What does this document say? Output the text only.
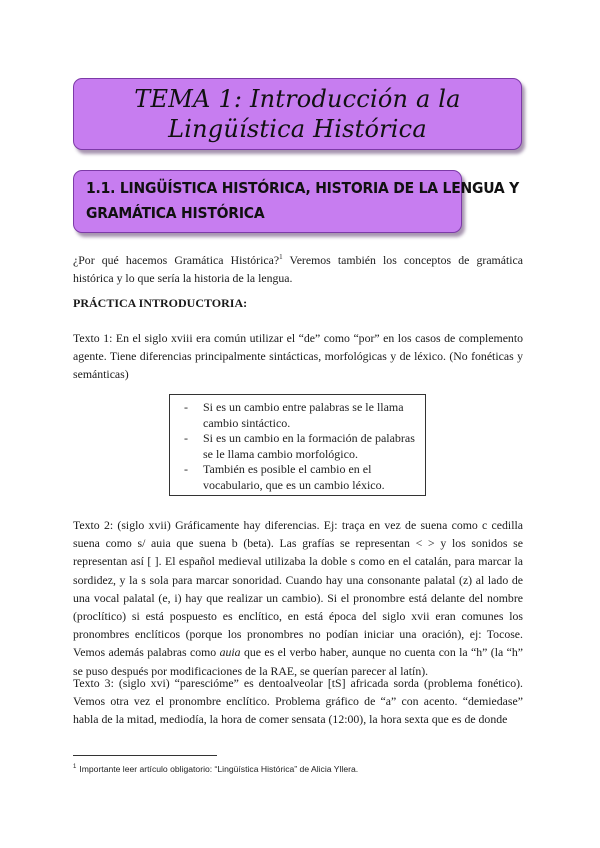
TEMA 1: Introducción a la
Lingüística Histórica
1.1. LINGÜÍSTICA HISTÓRICA, HISTORIA DE LA LENGUA Y
GRAMÁTICA HISTÓRICA

¿Por qué hacemos Gramática Histórica?$^1$ Veremos también los conceptos de gramática histórica y lo que sería la historia de la lengua.

PRÁCTICA INTRODUCTORIA:

Texto 1: En el siglo xviii era común utilizar el “de” como “por” en los casos de complemento agente. Tiene diferencias principalmente sintácticas, morfológicas y de léxico. (No fonéticas y semánticas)

- Si es un cambio entre palabras se le llama cambio sintáctico.
- Si es un cambio en la formación de palabras se le llama cambio morfológico.
- También es posible el cambio en el vocabulario, que es un cambio léxico.

Texto 2: (siglo xvii) Gráficamente hay diferencias. Ej: traça en vez de suena como c cedilla suena como s/ auia que suena b (beta). Las grafías se representan < > y los sonidos se representan así [ ]. El español medieval utilizaba la doble s como en el catalán, para marcar la sordidez, y la s sola para marcar sonoridad. Cuando hay una consonante palatal (z) al lado de una vocal palatal (e, i) hay que realizar un cambio). Si el pronombre está delante del nombre (proclítico) si está pospuesto es enclítico, en está época del siglo xvii eran comunes los pronombres enclíticos (porque los pronombres no podían iniciar una oración), ej: Tocose. Vemos además palabras como auia que es el verbo haber, aunque no cuenta con la “h” (la “h” se puso después por modificaciones de la RAE, se querían parecer al latín).

Texto 3: (siglo xvi) “parescióme” es dentoalveolar [tS] africada sorda (problema fonético). Vemos otra vez el pronombre enclítico. Problema gráfico de “a” con acento. “demiedase” habla de la mitad, mediodía, la hora de comer sensata (12:00), la hora sexta que es de donde

$^1$ Importante leer artículo obligatorio: “Lingüística Histórica” de Alicia Yllera.
